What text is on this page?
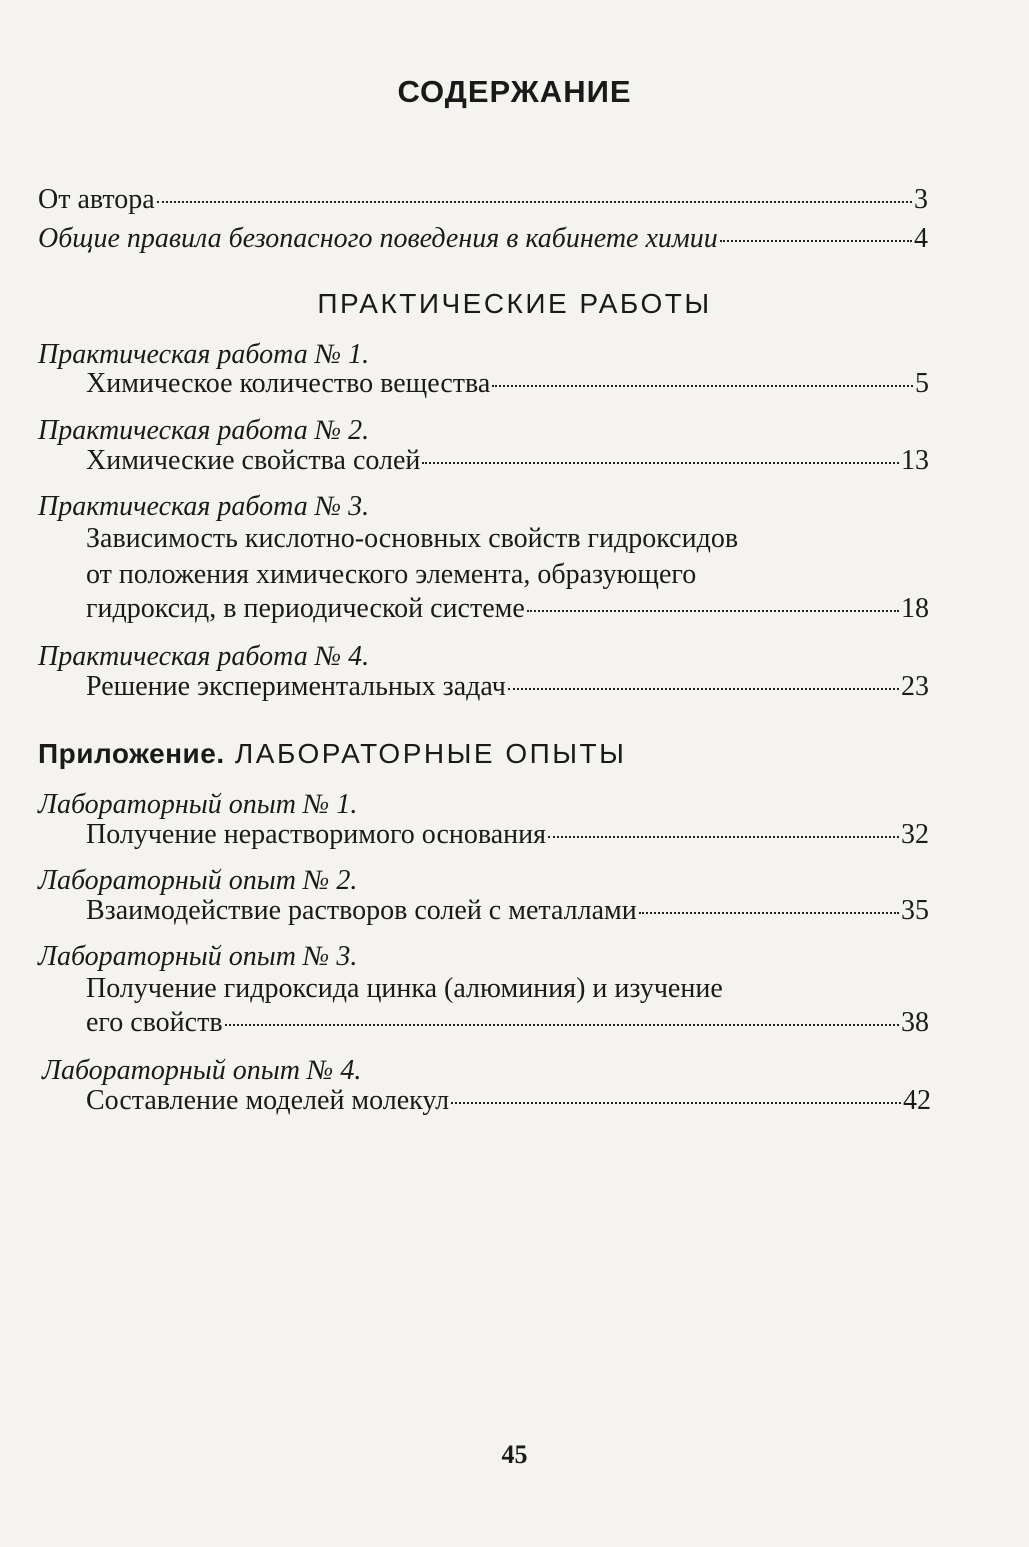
СОДЕРЖАНИЕ
От автора	3
Общие правила безопасного поведения в кабинете химии	4
ПРАКТИЧЕСКИЕ РАБОТЫ
Практическая работа № 1.
Химическое количество вещества	5
Практическая работа № 2.
Химические свойства солей	13
Практическая работа № 3.
Зависимость кислотно-основных свойств гидроксидов
от положения химического элемента, образующего
гидроксид, в периодической системе	18
Практическая работа № 4.
Решение экспериментальных задач	23
Приложение. ЛАБОРАТОРНЫЕ ОПЫТЫ
Лабораторный опыт № 1.
Получение нерастворимого основания	32
Лабораторный опыт № 2.
Взаимодействие растворов солей с металлами	35
Лабораторный опыт № 3.
Получение гидроксида цинка (алюминия) и изучение
его свойств	38
Лабораторный опыт № 4.
Составление моделей молекул	42
45
